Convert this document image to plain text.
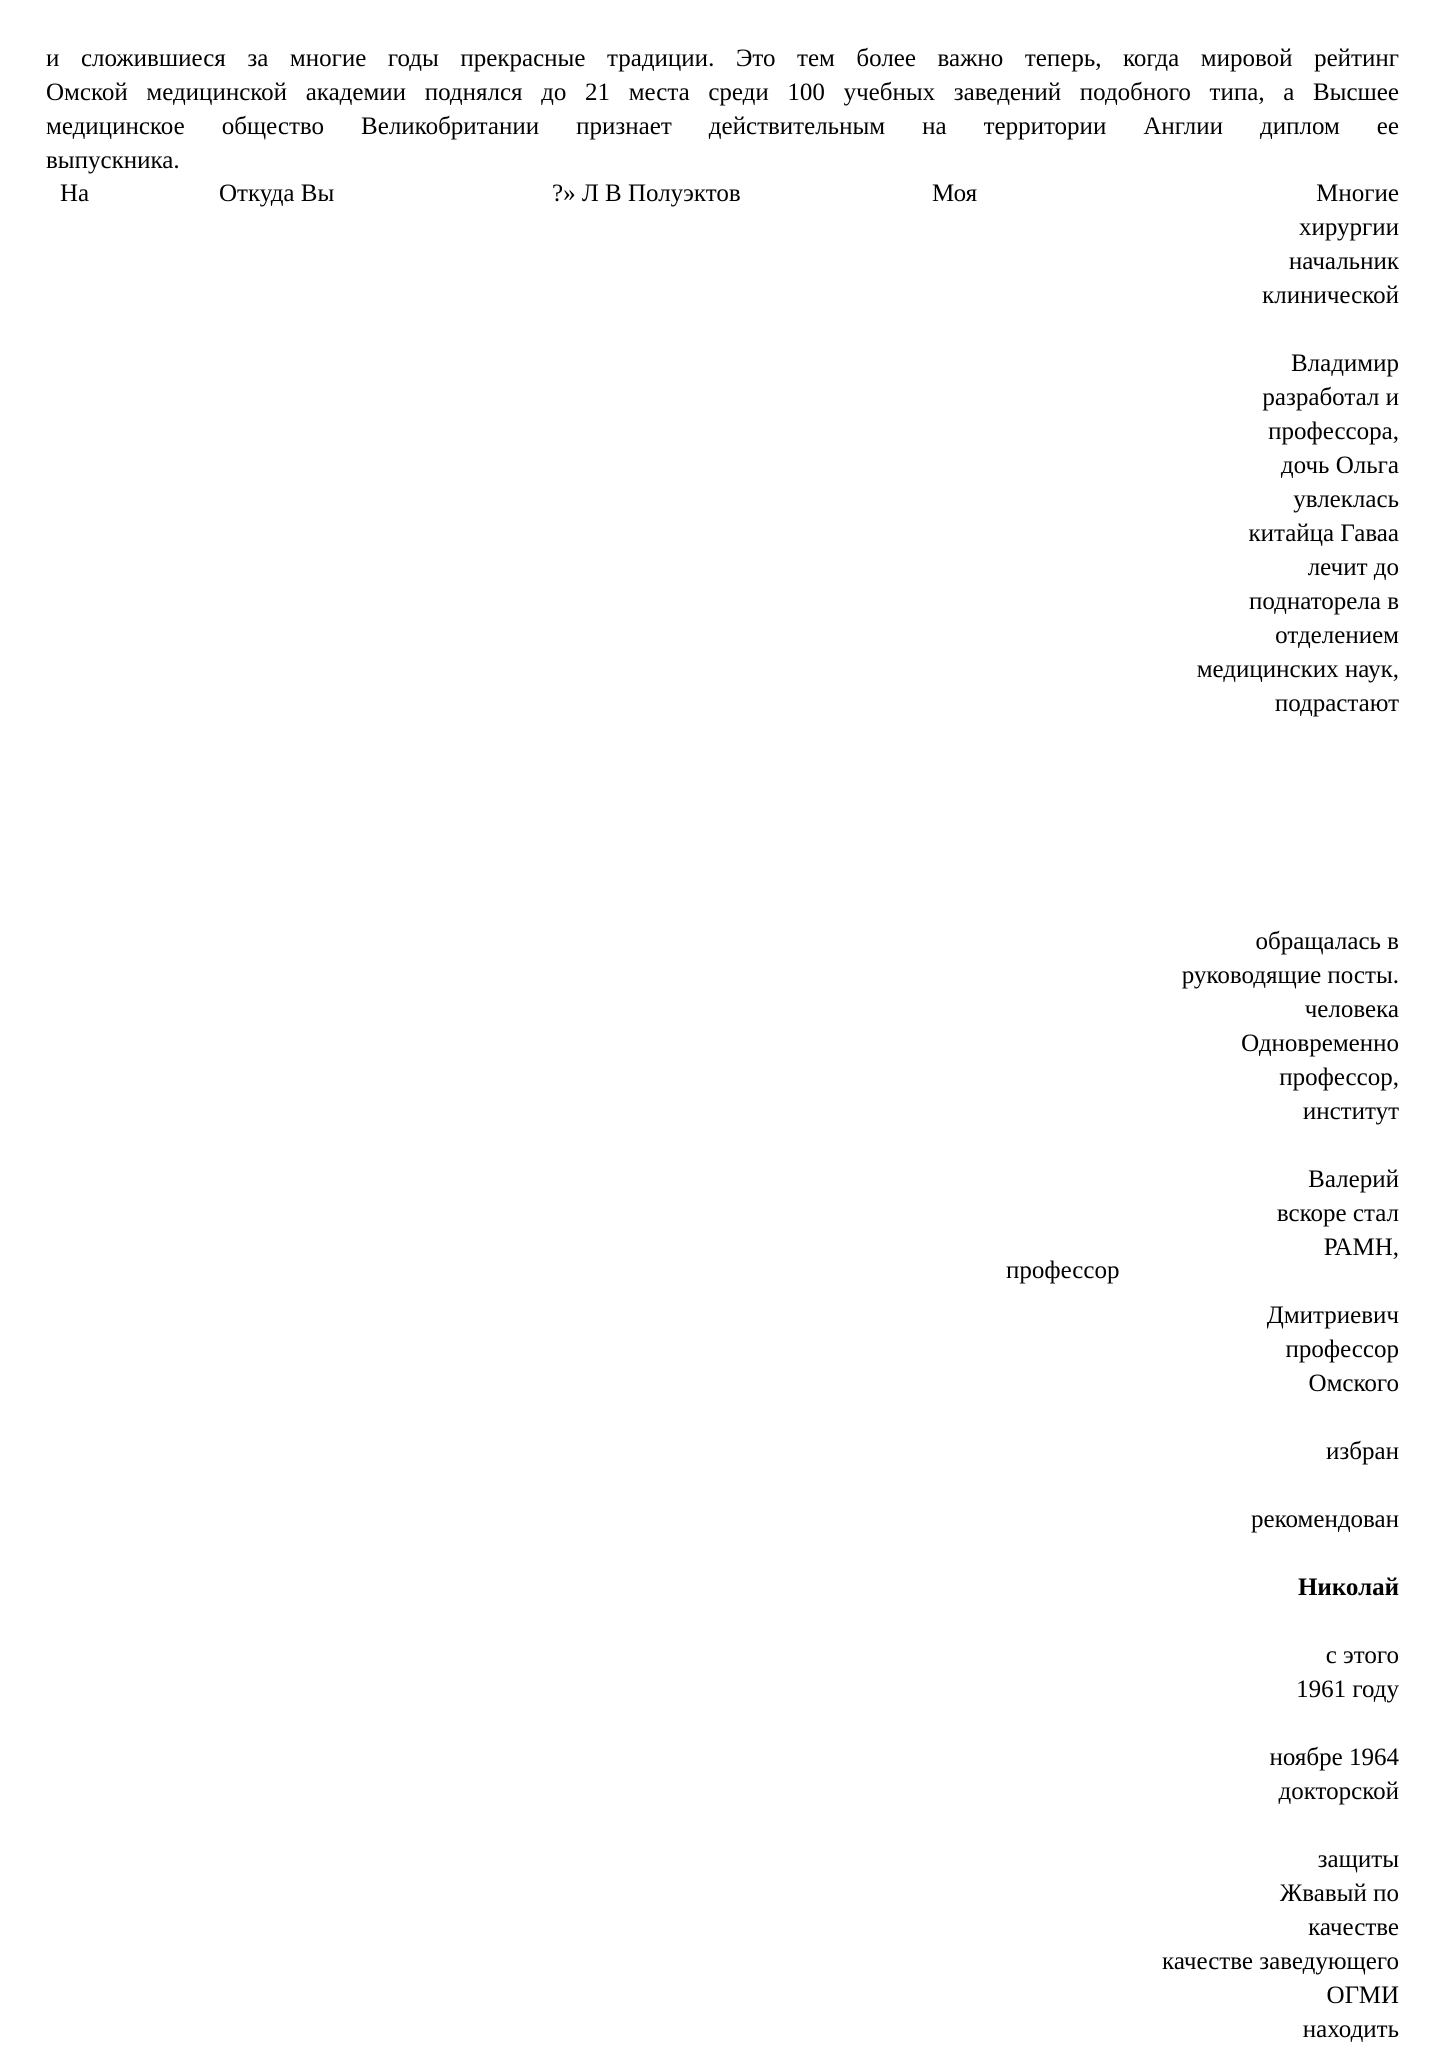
и сложившиеся за многие годы прекрасные традиции. Это тем более важно теперь, когда мировой рейтинг
Омской медицинской академии поднялся до 21 места среди 100 учебных заведений подобного типа, а Высшее
медицинское общество Великобритании признает действительным на территории Англии диплом ее
выпускника.
На	Откуда Вы	?» Л В Полуэктов	Моя	Многие
хирургии
начальник
клинической
Владимир
разработал и
профессора,
дочь Ольга
увлеклась
китайца Гаваа
лечит до
поднаторела в
отделением
медицинских наук,
подрастают
обращалась в
руководящие посты.
человека
Одновременно
профессор,
институт
Валерий
вскоре стал
РАМН,
Дмитриевич
профессор
Омского
избран
рекомендован
Николай
с этого
1961 году
ноябре 1964
докторской
защиты
Жвавый по
качестве
качестве заведующего
ОГМИ
находить
профессор
